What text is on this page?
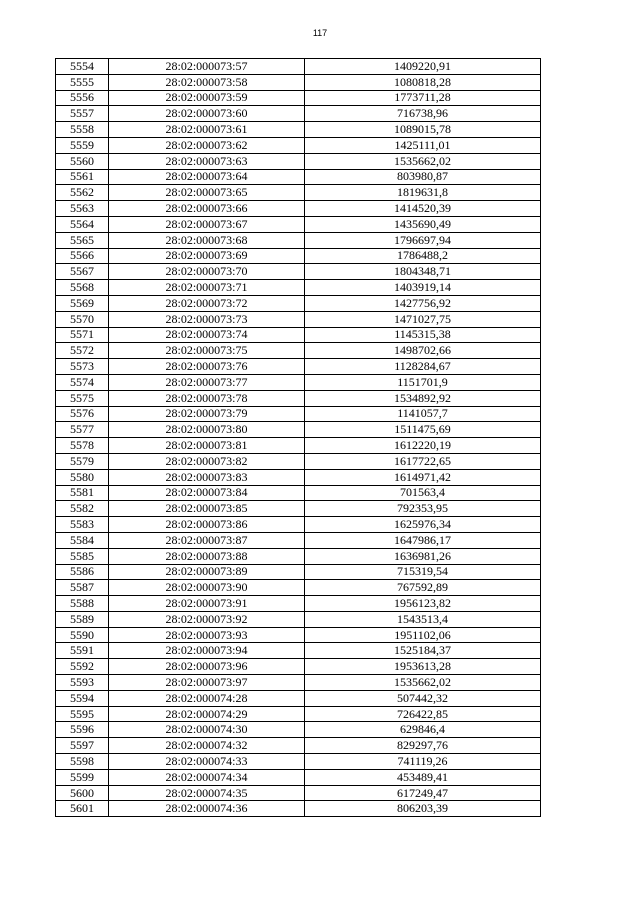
117
5554	28:02:000073:57	1409220,91
5555	28:02:000073:58	1080818,28
5556	28:02:000073:59	1773711,28
5557	28:02:000073:60	716738,96
5558	28:02:000073:61	1089015,78
5559	28:02:000073:62	1425111,01
5560	28:02:000073:63	1535662,02
5561	28:02:000073:64	803980,87
5562	28:02:000073:65	1819631,8
5563	28:02:000073:66	1414520,39
5564	28:02:000073:67	1435690,49
5565	28:02:000073:68	1796697,94
5566	28:02:000073:69	1786488,2
5567	28:02:000073:70	1804348,71
5568	28:02:000073:71	1403919,14
5569	28:02:000073:72	1427756,92
5570	28:02:000073:73	1471027,75
5571	28:02:000073:74	1145315,38
5572	28:02:000073:75	1498702,66
5573	28:02:000073:76	1128284,67
5574	28:02:000073:77	1151701,9
5575	28:02:000073:78	1534892,92
5576	28:02:000073:79	1141057,7
5577	28:02:000073:80	1511475,69
5578	28:02:000073:81	1612220,19
5579	28:02:000073:82	1617722,65
5580	28:02:000073:83	1614971,42
5581	28:02:000073:84	701563,4
5582	28:02:000073:85	792353,95
5583	28:02:000073:86	1625976,34
5584	28:02:000073:87	1647986,17
5585	28:02:000073:88	1636981,26
5586	28:02:000073:89	715319,54
5587	28:02:000073:90	767592,89
5588	28:02:000073:91	1956123,82
5589	28:02:000073:92	1543513,4
5590	28:02:000073:93	1951102,06
5591	28:02:000073:94	1525184,37
5592	28:02:000073:96	1953613,28
5593	28:02:000073:97	1535662,02
5594	28:02:000074:28	507442,32
5595	28:02:000074:29	726422,85
5596	28:02:000074:30	629846,4
5597	28:02:000074:32	829297,76
5598	28:02:000074:33	741119,26
5599	28:02:000074:34	453489,41
5600	28:02:000074:35	617249,47
5601	28:02:000074:36	806203,39
